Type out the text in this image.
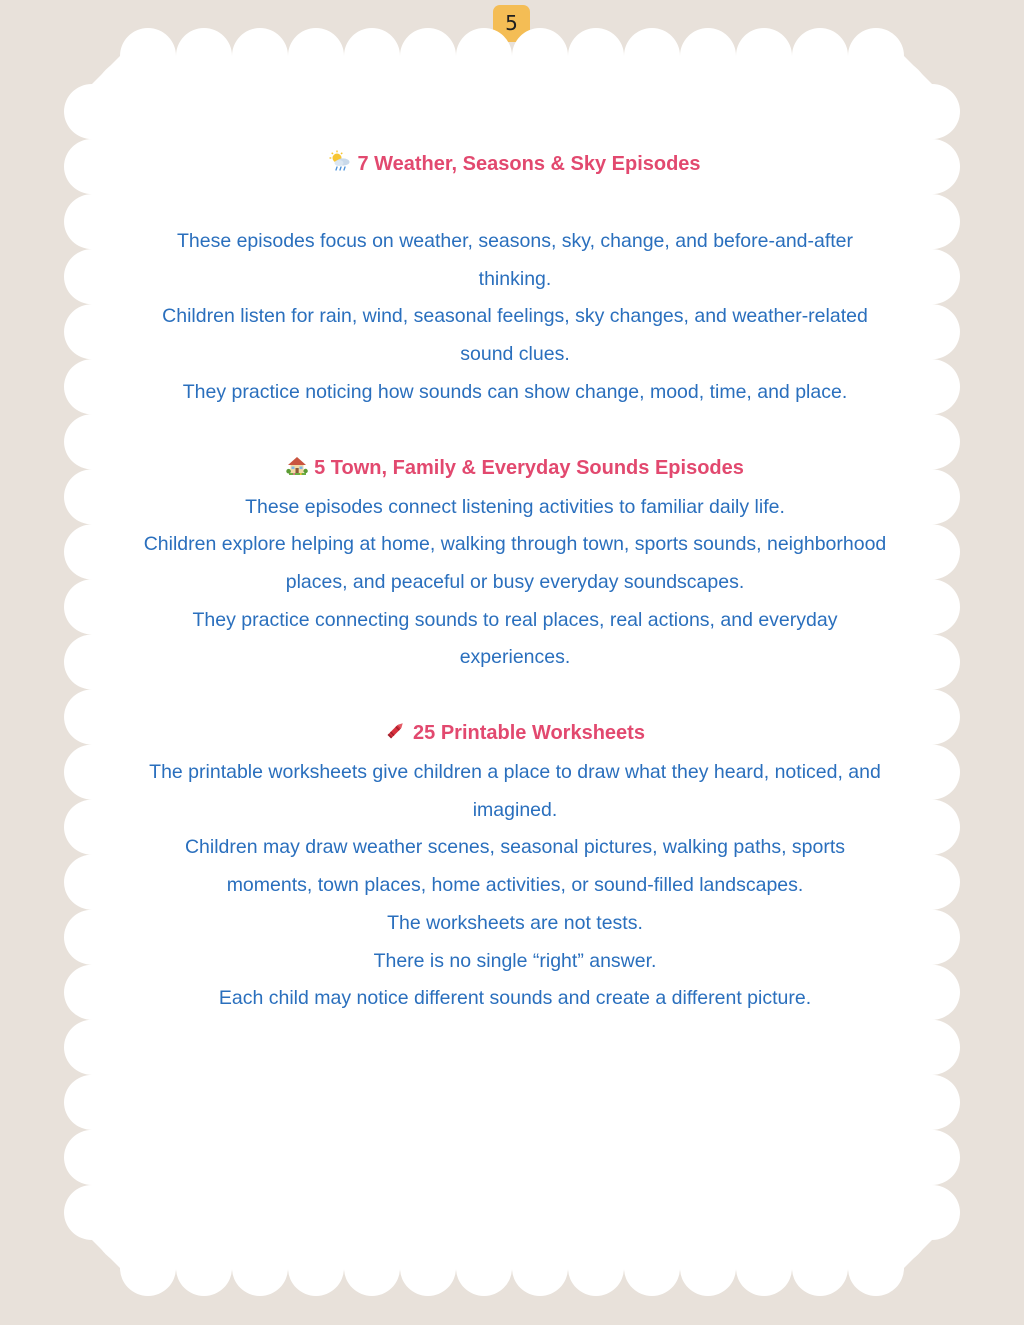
5

7 Weather, Seasons & Sky Episodes

These episodes focus on weather, seasons, sky, change, and before-and-after thinking.

Children listen for rain, wind, seasonal feelings, sky changes, and weather-related sound clues.

They practice noticing how sounds can show change, mood, time, and place.

5 Town, Family & Everyday Sounds Episodes

These episodes connect listening activities to familiar daily life.

Children explore helping at home, walking through town, sports sounds, neighborhood places, and peaceful or busy everyday soundscapes.

They practice connecting sounds to real places, real actions, and everyday experiences.

25 Printable Worksheets

The printable worksheets give children a place to draw what they heard, noticed, and imagined.

Children may draw weather scenes, seasonal pictures, walking paths, sports moments, town places, home activities, or sound-filled landscapes.

The worksheets are not tests.

There is no single “right” answer.

Each child may notice different sounds and create a different picture.
